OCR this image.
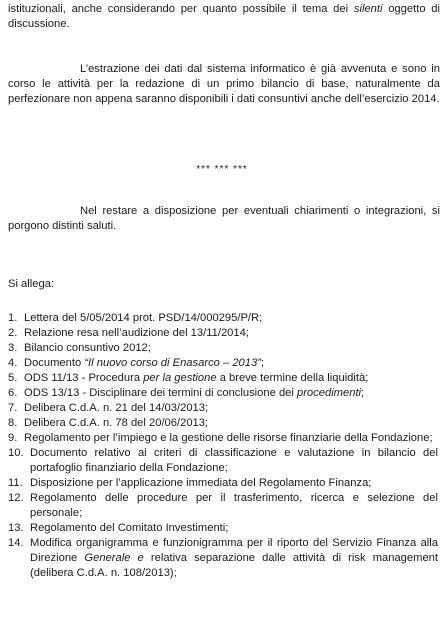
istituzionali, anche considerando per quanto possibile il tema dei silenti oggetto di discussione.

L’estrazione dei dati dal sistema informatico è già avvenuta e sono in corso le attività per la redazione di un primo bilancio di base, naturalmente da perfezionare non appena saranno disponibili i dati consuntivi anche dell’esercizio 2014.

*** *** ***

Nel restare a disposizione per eventuali chiarimenti o integrazioni, si porgono distinti saluti.

Si allega:
1. Lettera del 5/05/2014 prot. PSD/14/000295/P/R;
2. Relazione resa nell’audizione del 13/11/2014;
3. Bilancio consuntivo 2012;
4. Documento “Il nuovo corso di Enasarco – 2013”;
5. ODS 11/13 - Procedura per la gestione a breve termine della liquidità;
6. ODS 13/13 - Disciplinare dei termini di conclusione dei procedimenti;
7. Delibera C.d.A. n. 21 del 14/03/2013;
8. Delibera C.d.A. n. 78 del 20/06/2013;
9. Regolamento per l’impiego e la gestione delle risorse finanziarie della Fondazione;
10. Documento relativo ai criteri di classificazione e valutazione in bilancio del portafoglio finanziario della Fondazione;
11. Disposizione per l’applicazione immediata del Regolamento Finanza;
12. Regolamento delle procedure per il trasferimento, ricerca e selezione del personale;
13. Regolamento del Comitato Investimenti;
14. Modifica organigramma e funzionigramma per il riporto del Servizio Finanza alla Direzione Generale e relativa separazione dalle attività di risk management (delibera C.d.A. n. 108/2013);
